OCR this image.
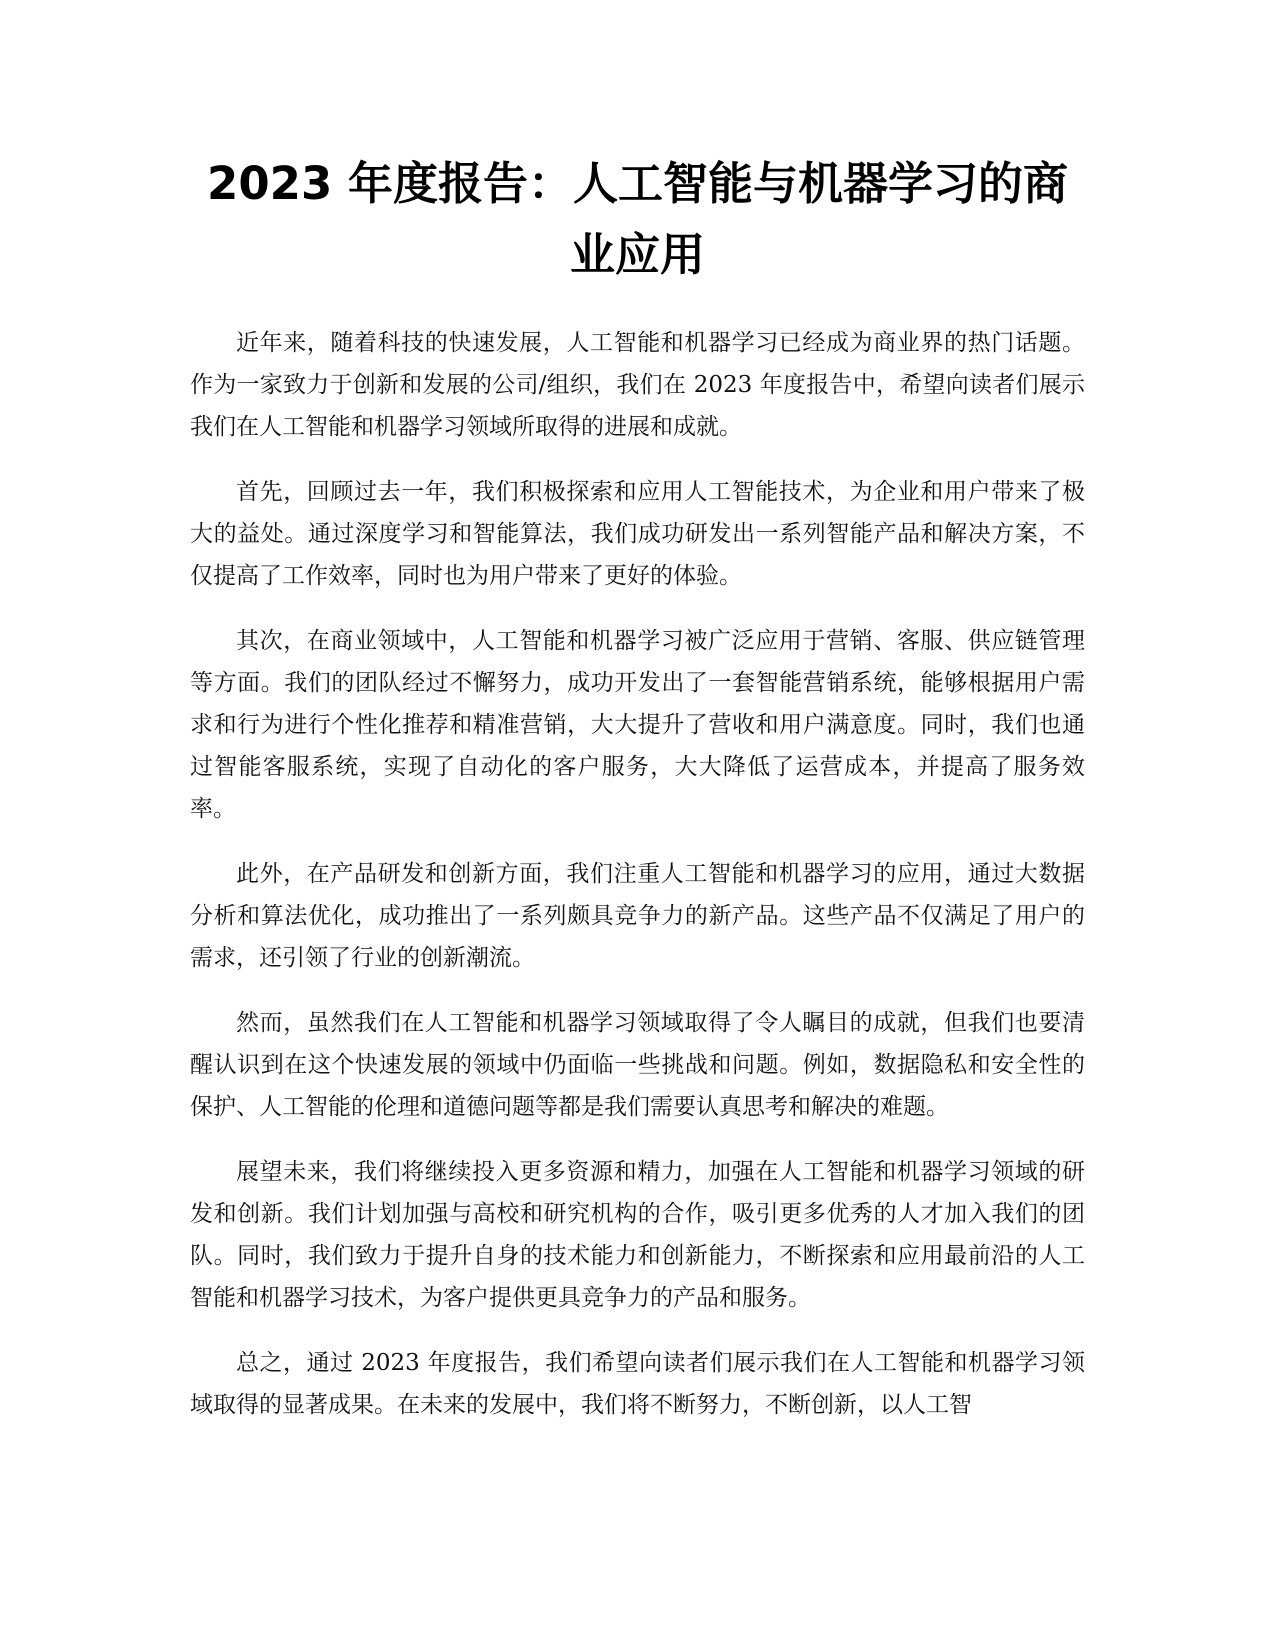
2023 年度报告：人工智能与机器学习的商业应用

近年来，随着科技的快速发展，人工智能和机器学习已经成为商业界的热门话题。作为一家致力于创新和发展的公司/组织，我们在 2023 年度报告中，希望向读者们展示我们在人工智能和机器学习领域所取得的进展和成就。

首先，回顾过去一年，我们积极探索和应用人工智能技术，为企业和用户带来了极大的益处。通过深度学习和智能算法，我们成功研发出一系列智能产品和解决方案，不仅提高了工作效率，同时也为用户带来了更好的体验。

其次，在商业领域中，人工智能和机器学习被广泛应用于营销、客服、供应链管理等方面。我们的团队经过不懈努力，成功开发出了一套智能营销系统，能够根据用户需求和行为进行个性化推荐和精准营销，大大提升了营收和用户满意度。同时，我们也通过智能客服系统，实现了自动化的客户服务，大大降低了运营成本，并提高了服务效率。

此外，在产品研发和创新方面，我们注重人工智能和机器学习的应用，通过大数据分析和算法优化，成功推出了一系列颇具竞争力的新产品。这些产品不仅满足了用户的需求，还引领了行业的创新潮流。

然而，虽然我们在人工智能和机器学习领域取得了令人瞩目的成就，但我们也要清醒认识到在这个快速发展的领域中仍面临一些挑战和问题。例如，数据隐私和安全性的保护、人工智能的伦理和道德问题等都是我们需要认真思考和解决的难题。

展望未来，我们将继续投入更多资源和精力，加强在人工智能和机器学习领域的研发和创新。我们计划加强与高校和研究机构的合作，吸引更多优秀的人才加入我们的团队。同时，我们致力于提升自身的技术能力和创新能力，不断探索和应用最前沿的人工智能和机器学习技术，为客户提供更具竞争力的产品和服务。

总之，通过 2023 年度报告，我们希望向读者们展示我们在人工智能和机器学习领域取得的显著成果。在未来的发展中，我们将不断努力，不断创新，以人工智
